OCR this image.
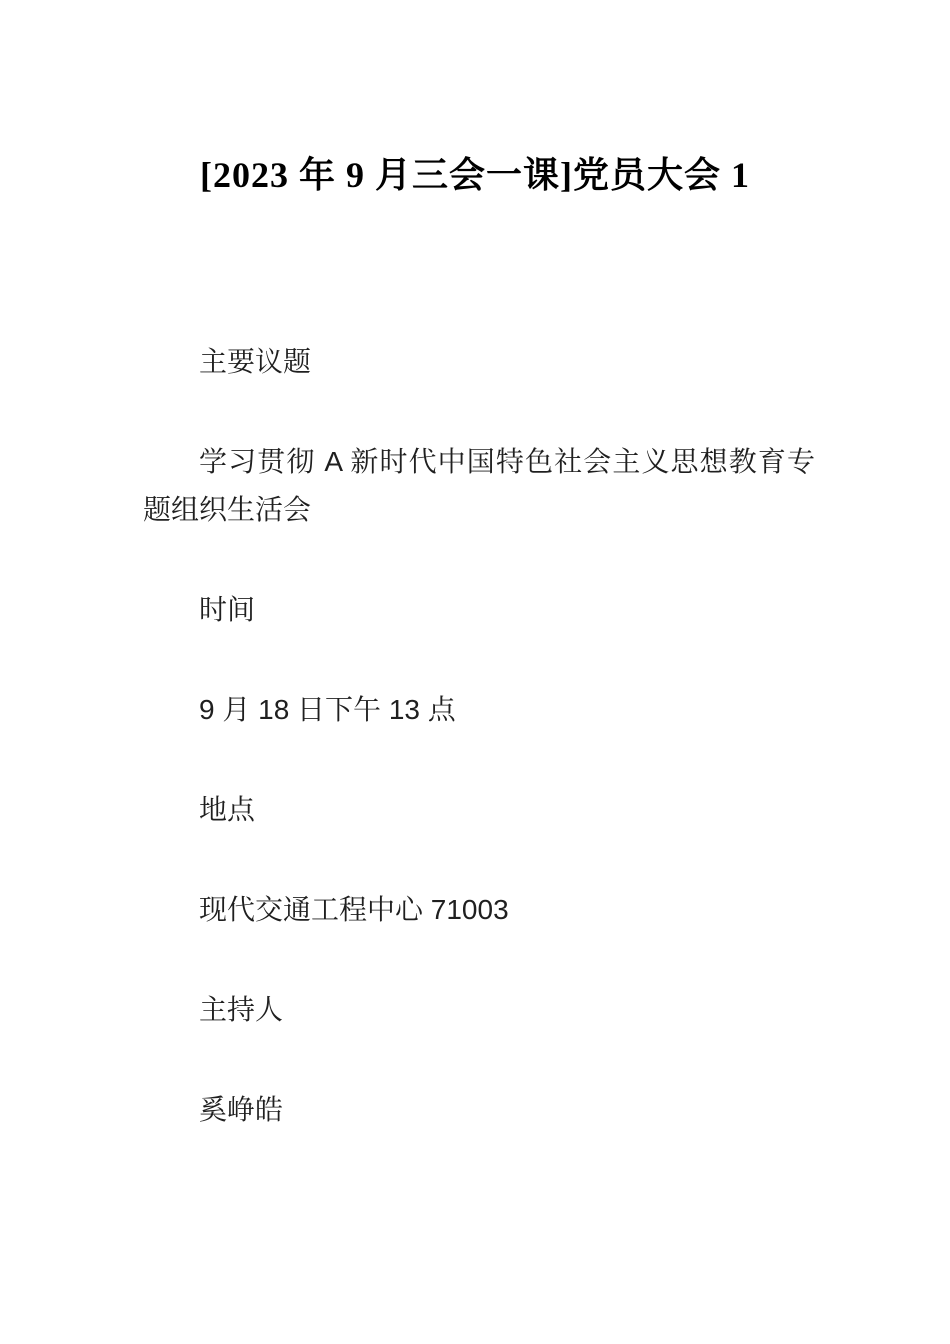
[2023 年 9 月三会一课]党员大会 1

主要议题

学习贯彻 A 新时代中国特色社会主义思想教育专题组织生活会

时间

9 月 18 日下午 13 点

地点

现代交通工程中心 71003

主持人

奚峥皓
